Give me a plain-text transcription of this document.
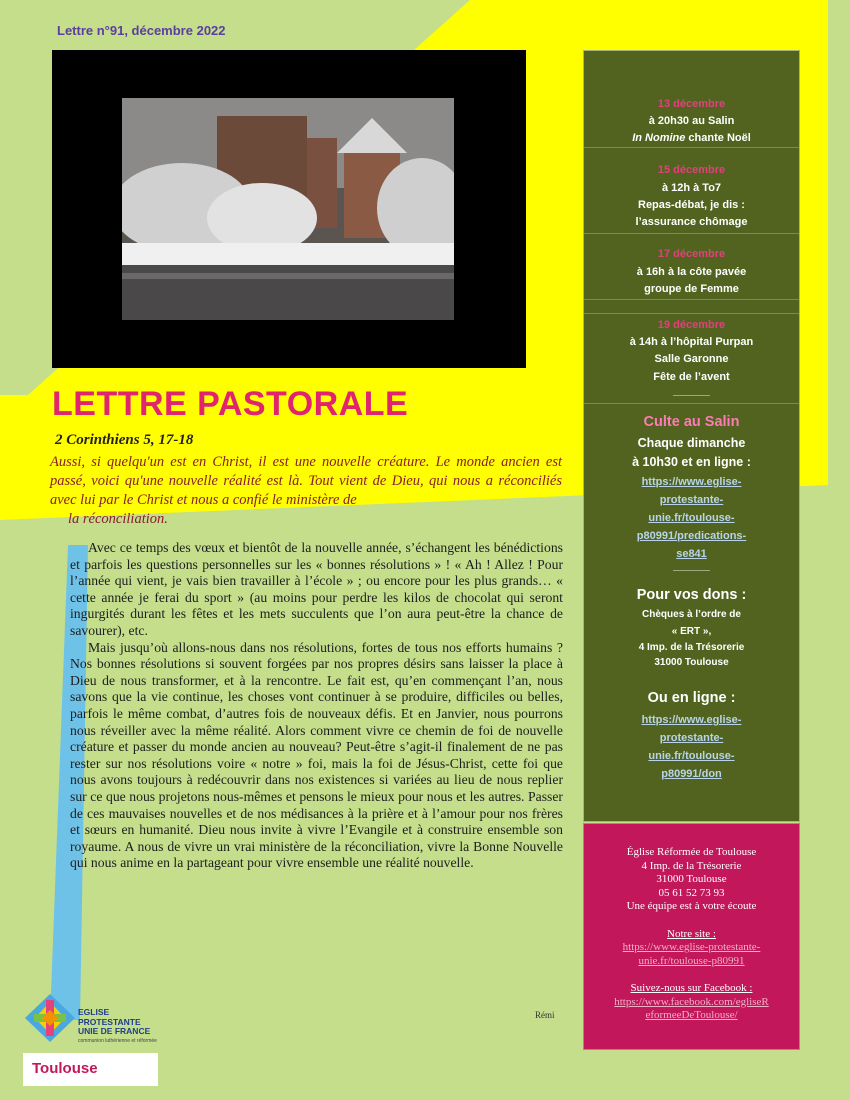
Lettre n°91, décembre 2022
LETTRE PASTORALE
2 Corinthiens 5, 17-18
Aussi, si quelqu'un est en Christ, il est une nouvelle créature. Le monde ancien est passé, voici qu'une nouvelle réalité est là. Tout vient de Dieu, qui nous a réconciliés avec lui par le Christ et nous a confié le ministère de
la réconciliation.

Avec ce temps des vœux et bientôt de la nouvelle année, s’échangent les bénédictions et parfois les questions personnelles sur les « bonnes résolutions » ! « Ah ! Allez ! Pour l’année qui vient, je vais bien travailler à l’école » ; ou encore pour les plus grands… « cette année je ferai du sport » (au moins pour perdre les kilos de chocolat qui seront ingurgités durant les fêtes et les mets succulents que l’on aura peut-être la chance de savourer), etc.

Mais jusqu’où allons-nous dans nos résolutions, fortes de tous nos efforts humains ? Nos bonnes résolutions si souvent forgées par nos propres désirs sans laisser la place à Dieu de nous transformer, et à la rencontre. Le fait est, qu’en commençant l’an, nous savons que la vie continue, les choses vont continuer à se produire, difficiles ou belles, parfois le même combat, d’autres fois de nouveaux défis. Et en Janvier, nous pourrons nous réveiller avec la même réalité. Alors comment vivre ce chemin de foi de nouvelle créature et passer du monde ancien au nouveau? Peut-être s’agit-il finalement de ne pas rester sur nos résolutions voire « notre » foi, mais la foi de Jésus-Christ, cette foi que nous avons toujours à redécouvrir dans nos existences si variées au lieu de nous replier sur ce que nous projetons nous-mêmes et pensons le mieux pour nous et les autres. Passer de ces mauvaises nouvelles et de nos médisances à la prière et à l’amour pour nos frères et sœurs en humanité. Dieu nous invite à vivre l’Evangile et à construire ensemble son royaume. A nous de vivre un vrai ministère de la réconciliation, vivre la Bonne Nouvelle qui nous anime en la partageant pour vivre ensemble une réalité nouvelle.

Rémi
13 décembre
à 20h30 au Salin
In Nomine chante Noël
15 décembre
à 12h à To7
Repas-débat, je dis :
l’assurance chômage
17 décembre
à 16h à la côte pavée
groupe de Femme
19 décembre
à 14h à l’hôpital Purpan
Salle Garonne
Fête de l’avent
______
Culte au Salin
Chaque dimanche
à 10h30 et en ligne :
https://www.eglise-
protestante-
unie.fr/toulouse-
p80991/predications-
se841
______
Pour vos dons :
Chèques à l’ordre de
« ERT »,
4 Imp. de la Trésorerie
31000 Toulouse
Ou en ligne :
https://www.eglise-
protestante-
unie.fr/toulouse-
p80991/don
Église Réformée de Toulouse
4 Imp. de la Trésorerie
31000 Toulouse
05 61 52 73 93
Une équipe est à votre écoute
Notre site :
https://www.eglise-protestante-
unie.fr/toulouse-p80991
Suivez-nous sur Facebook :
https://www.facebook.com/egliseR
eformeeDeToulouse/
EGLISE PROTESTANTE
UNIE DE FRANCE
communion luthérienne et réformée
Toulouse
